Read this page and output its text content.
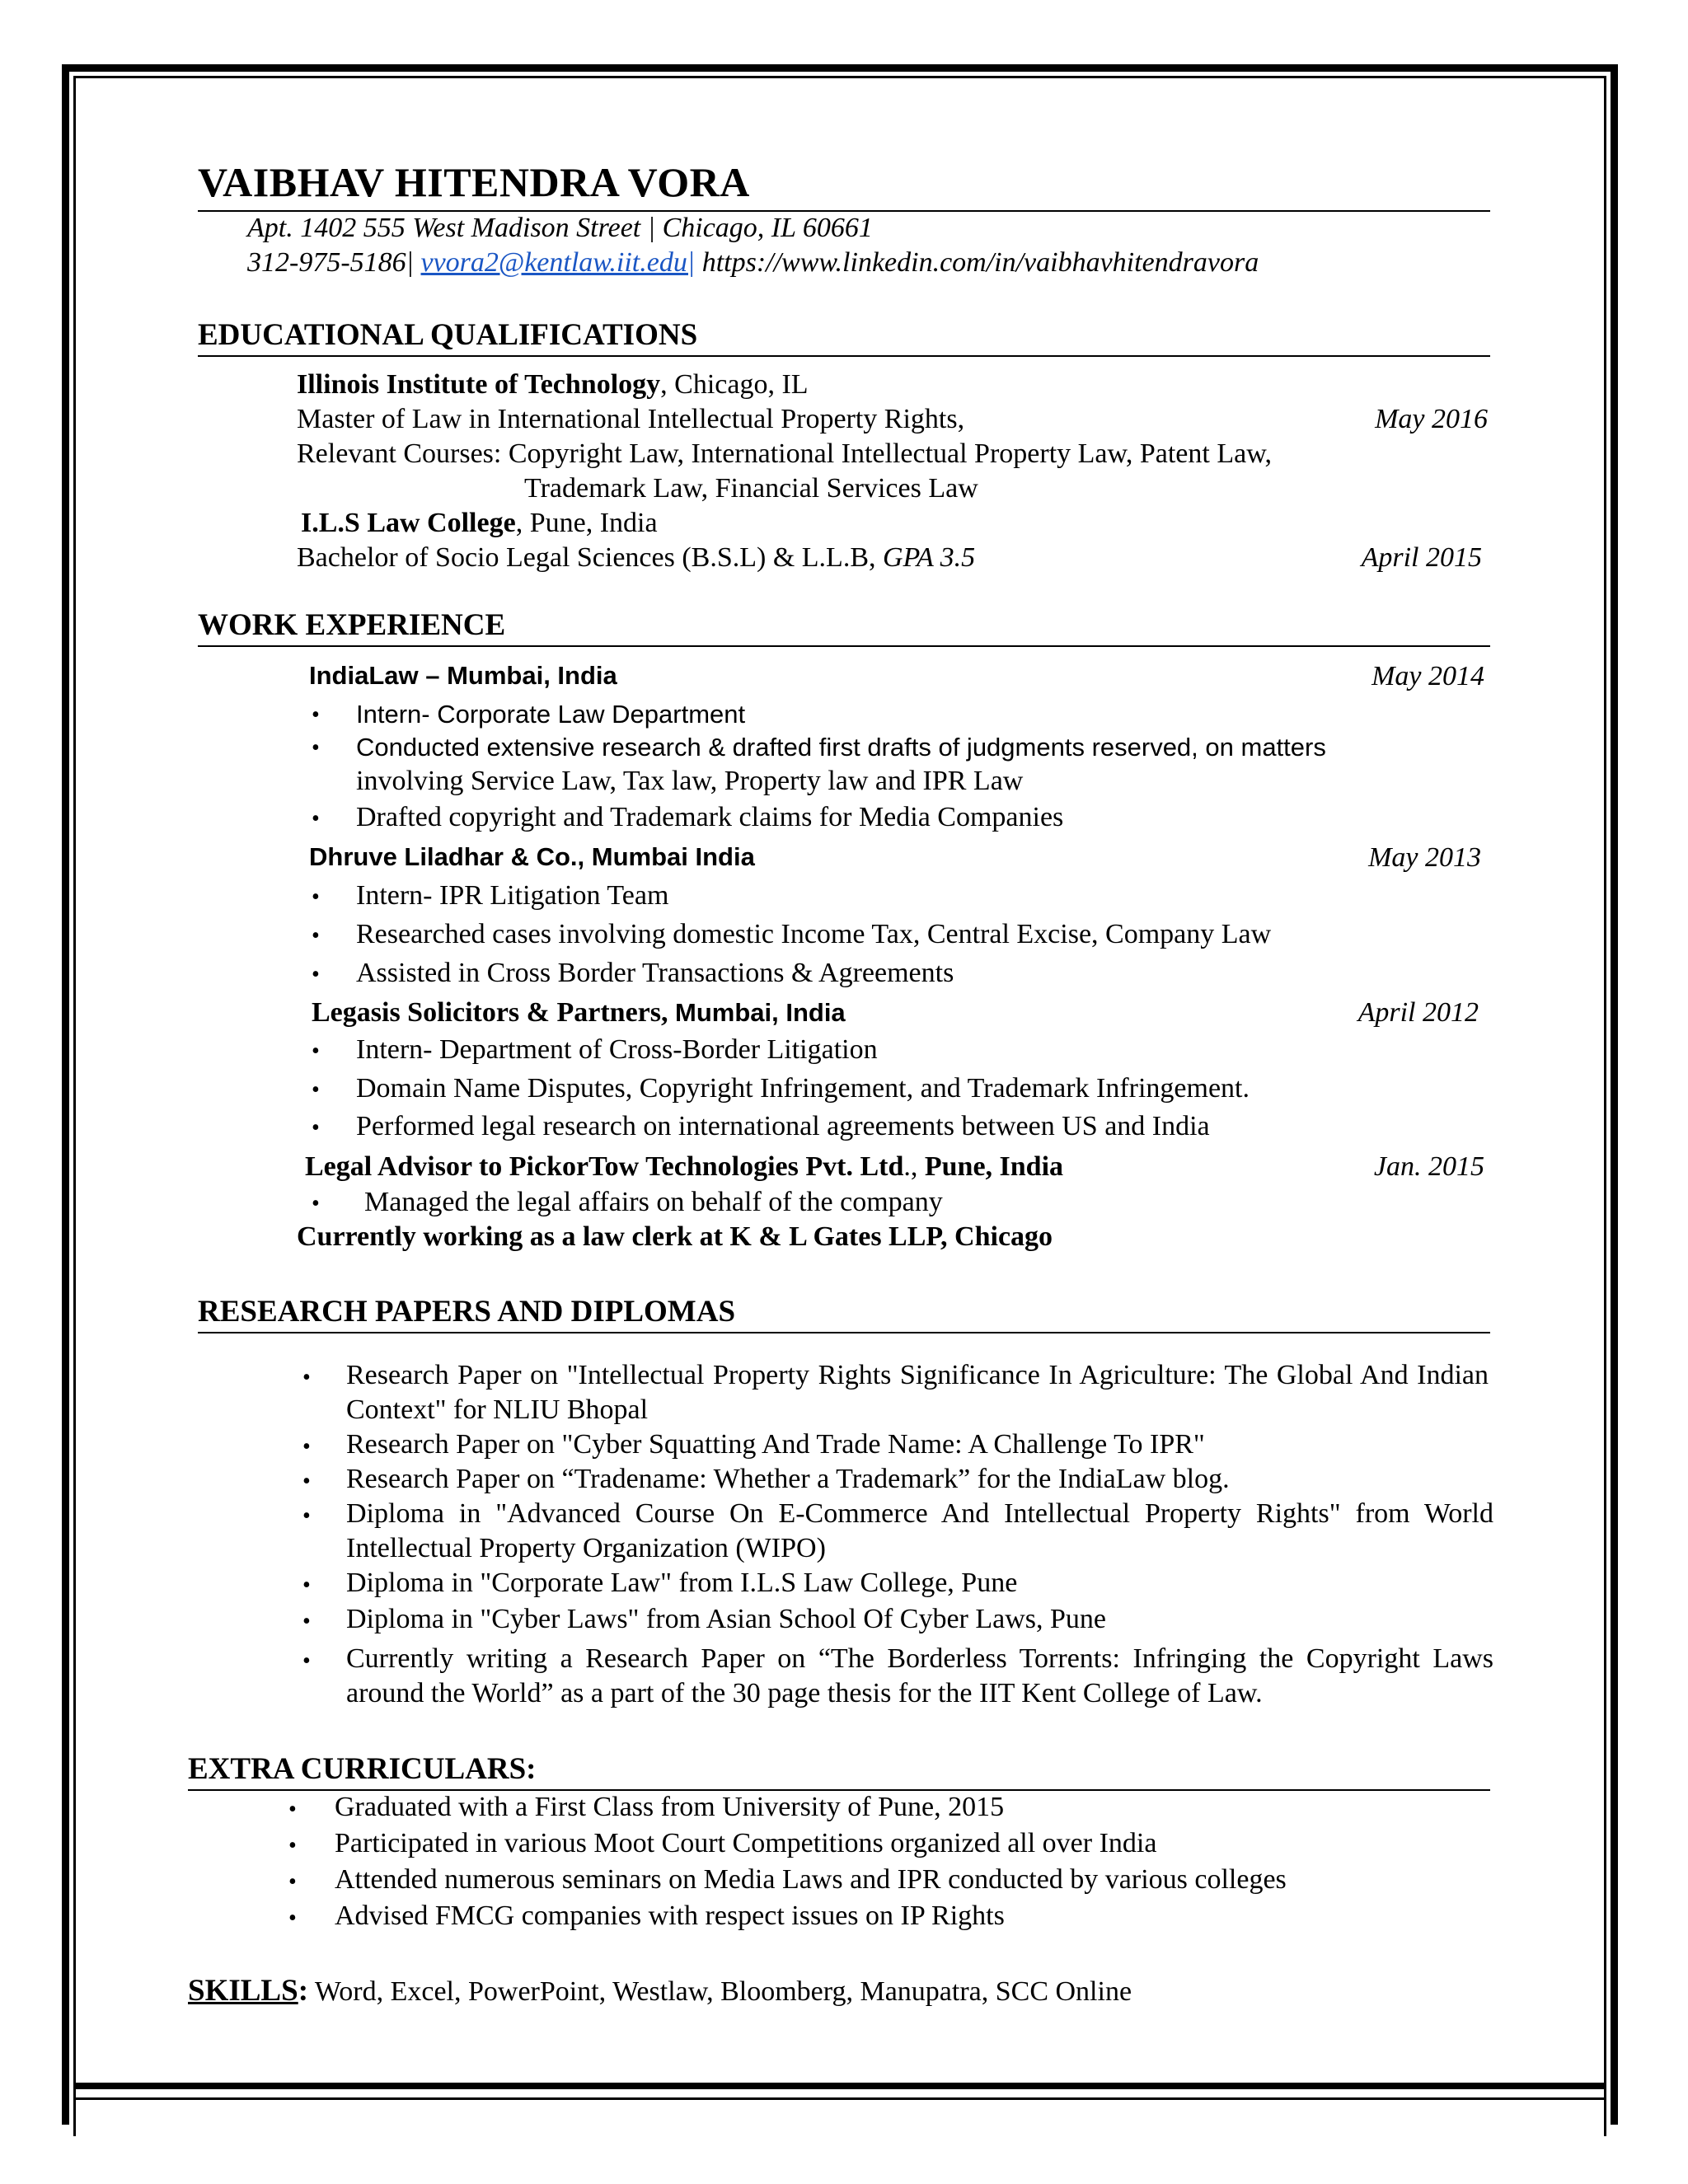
VAIBHAV HITENDRA VORA
Apt. 1402 555 West Madison Street | Chicago, IL 60661
312-975-5186| vvora2@kentlaw.iit.edu| https://www.linkedin.com/in/vaibhavhitendravora
EDUCATIONAL QUALIFICATIONS
Illinois Institute of Technology, Chicago, IL
Master of Law in International Intellectual Property Rights,	May 2016
Relevant Courses: Copyright Law, International Intellectual Property Law, Patent Law,
Trademark Law, Financial Services Law
I.L.S Law College, Pune, India
Bachelor of Socio Legal Sciences (B.S.L) & L.L.B, GPA 3.5	April 2015
WORK EXPERIENCE
IndiaLaw – Mumbai, India	May 2014
• Intern- Corporate Law Department
• Conducted extensive research & drafted first drafts of judgments reserved, on matters
involving Service Law, Tax law, Property law and IPR Law
• Drafted copyright and Trademark claims for Media Companies
Dhruve Liladhar & Co., Mumbai India	May 2013
• Intern- IPR Litigation Team
• Researched cases involving domestic Income Tax, Central Excise, Company Law
• Assisted in Cross Border Transactions & Agreements
Legasis Solicitors & Partners, Mumbai, India	April 2012
• Intern- Department of Cross-Border Litigation
• Domain Name Disputes, Copyright Infringement, and Trademark Infringement.
• Performed legal research on international agreements between US and India
Legal Advisor to PickorTow Technologies Pvt. Ltd., Pune, India	Jan. 2015
• Managed the legal affairs on behalf of the company
Currently working as a law clerk at K & L Gates LLP, Chicago
RESEARCH PAPERS AND DIPLOMAS
• Research Paper on "Intellectual Property Rights Significance In Agriculture: The Global And Indian Context" for NLIU Bhopal
• Research Paper on "Cyber Squatting And Trade Name: A Challenge To IPR"
• Research Paper on “Tradename: Whether a Trademark” for the IndiaLaw blog.
• Diploma in "Advanced Course On E-Commerce And Intellectual Property Rights" from World Intellectual Property Organization (WIPO)
• Diploma in "Corporate Law" from I.L.S Law College, Pune
• Diploma in "Cyber Laws" from Asian School Of Cyber Laws, Pune
• Currently writing a Research Paper on “The Borderless Torrents: Infringing the Copyright Laws around the World” as a part of the 30 page thesis for the IIT Kent College of Law.
EXTRA CURRICULARS:
• Graduated with a First Class from University of Pune, 2015
• Participated in various Moot Court Competitions organized all over India
• Attended numerous seminars on Media Laws and IPR conducted by various colleges
• Advised FMCG companies with respect issues on IP Rights
SKILLS: Word, Excel, PowerPoint, Westlaw, Bloomberg, Manupatra, SCC Online
